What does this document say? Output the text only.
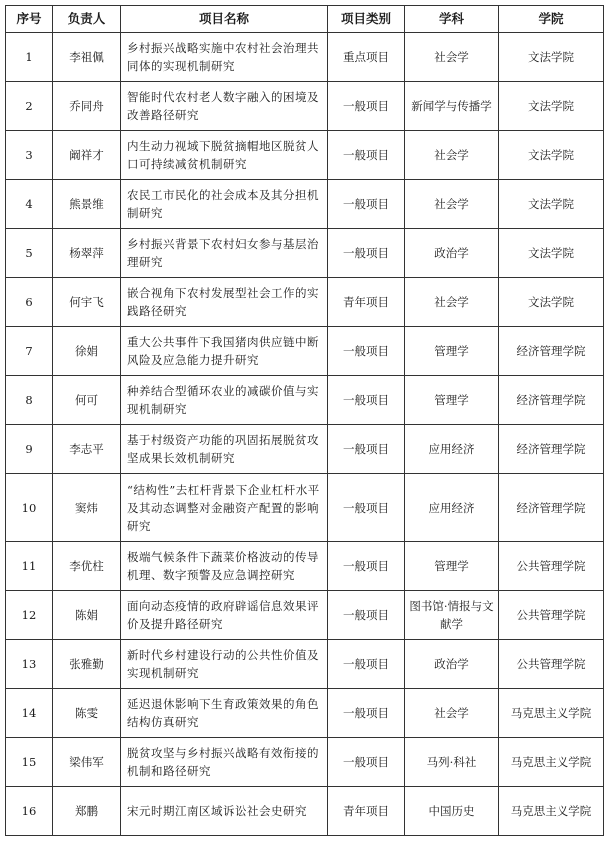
序号	负责人	项目名称	项目类别	学科	学院
1	李祖佩	乡村振兴战略实施中农村社会治理共同体的实现机制研究	重点项目	社会学	文法学院
2	乔同舟	智能时代农村老人数字融入的困境及改善路径研究	一般项目	新闻学与传播学	文法学院
3	阚祥才	内生动力视域下脱贫摘帽地区脱贫人口可持续减贫机制研究	一般项目	社会学	文法学院
4	熊景维	农民工市民化的社会成本及其分担机制研究	一般项目	社会学	文法学院
5	杨翠萍	乡村振兴背景下农村妇女参与基层治理研究	一般项目	政治学	文法学院
6	何宇飞	嵌合视角下农村发展型社会工作的实践路径研究	青年项目	社会学	文法学院
7	徐娟	重大公共事件下我国猪肉供应链中断风险及应急能力提升研究	一般项目	管理学	经济管理学院
8	何可	种养结合型循环农业的减碳价值与实现机制研究	一般项目	管理学	经济管理学院
9	李志平	基于村级资产功能的巩固拓展脱贫攻坚成果长效机制研究	一般项目	应用经济	经济管理学院
10	窦炜	“结构性”去杠杆背景下企业杠杆水平及其动态调整对金融资产配置的影响研究	一般项目	应用经济	经济管理学院
11	李优柱	极端气候条件下蔬菜价格波动的传导机理、数字预警及应急调控研究	一般项目	管理学	公共管理学院
12	陈娟	面向动态疫情的政府辟谣信息效果评价及提升路径研究	一般项目	图书馆·情报与文献学	公共管理学院
13	张雅勤	新时代乡村建设行动的公共性价值及实现机制研究	一般项目	政治学	公共管理学院
14	陈雯	延迟退休影响下生育政策效果的角色结构仿真研究	一般项目	社会学	马克思主义学院
15	梁伟军	脱贫攻坚与乡村振兴战略有效衔接的机制和路径研究	一般项目	马列·科社	马克思主义学院
16	郑鹏	宋元时期江南区域诉讼社会史研究	青年项目	中国历史	马克思主义学院
